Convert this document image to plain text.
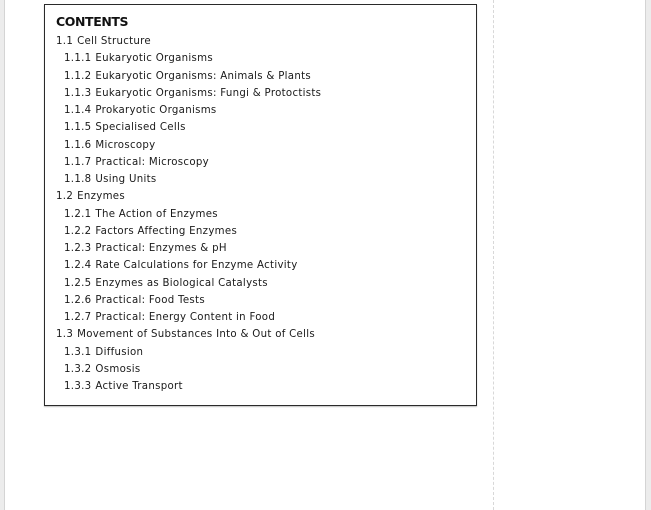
CONTENTS
1.1 Cell Structure
1.1.1 Eukaryotic Organisms
1.1.2 Eukaryotic Organisms: Animals & Plants
1.1.3 Eukaryotic Organisms: Fungi & Protoctists
1.1.4 Prokaryotic Organisms
1.1.5 Specialised Cells
1.1.6 Microscopy
1.1.7 Practical: Microscopy
1.1.8 Using Units
1.2 Enzymes
1.2.1 The Action of Enzymes
1.2.2 Factors Affecting Enzymes
1.2.3 Practical: Enzymes & pH
1.2.4 Rate Calculations for Enzyme Activity
1.2.5 Enzymes as Biological Catalysts
1.2.6 Practical: Food Tests
1.2.7 Practical: Energy Content in Food
1.3 Movement of Substances Into & Out of Cells
1.3.1 Diffusion
1.3.2 Osmosis
1.3.3 Active Transport
